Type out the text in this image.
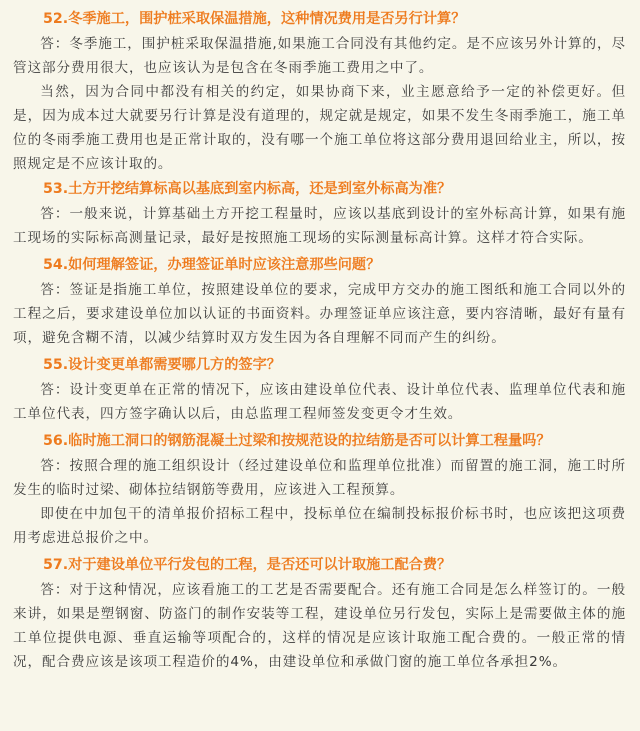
52.冬季施工，围护桩采取保温措施，这种情况费用是否另行计算？

答：冬季施工，围护桩采取保温措施,如果施工合同没有其他约定。是不应该另外计算的，尽管这部分费用很大，也应该认为是包含在冬雨季施工费用之中了。

当然，因为合同中都没有相关的约定，如果协商下来，业主愿意给予一定的补偿更好。但是，因为成本过大就要另行计算是没有道理的，规定就是规定，如果不发生冬雨季施工，施工单位的冬雨季施工费用也是正常计取的，没有哪一个施工单位将这部分费用退回给业主，所以，按照规定是不应该计取的。

53.土方开挖结算标高以基底到室内标高，还是到室外标高为准？

答：一般来说，计算基础土方开挖工程量时，应该以基底到设计的室外标高计算，如果有施工现场的实际标高测量记录，最好是按照施工现场的实际测量标高计算。这样才符合实际。

54.如何理解签证，办理签证单时应该注意那些问题？

答：签证是指施工单位，按照建设单位的要求，完成甲方交办的施工图纸和施工合同以外的工程之后，要求建设单位加以认证的书面资料。办理签证单应该注意，要内容清晰，最好有量有项，避免含糊不清，以减少结算时双方发生因为各自理解不同而产生的纠纷。

55.设计变更单都需要哪几方的签字？

答：设计变更单在正常的情况下，应该由建设单位代表、设计单位代表、监理单位代表和施工单位代表，四方签字确认以后，由总监理工程师签发变更令才生效。

56.临时施工洞口的钢筋混凝土过梁和按规范设的拉结筋是否可以计算工程量吗？

答：按照合理的施工组织设计（经过建设单位和监理单位批准）而留置的施工洞，施工时所发生的临时过梁、砌体拉结钢筋等费用，应该进入工程预算。

即使在中加包干的清单报价招标工程中，投标单位在编制投标报价标书时，也应该把这项费用考虑进总报价之中。

57.对于建设单位平行发包的工程，是否还可以计取施工配合费？

答：对于这种情况，应该看施工的工艺是否需要配合。还有施工合同是怎么样签订的。一般来讲，如果是塑钢窗、防盗门的制作安装等工程，建设单位另行发包，实际上是需要做主体的施工单位提供电源、垂直运输等项配合的，这样的情况是应该计取施工配合费的。一般正常的情况，配合费应该是该项工程造价的4%，由建设单位和承做门窗的施工单位各承担2%。
